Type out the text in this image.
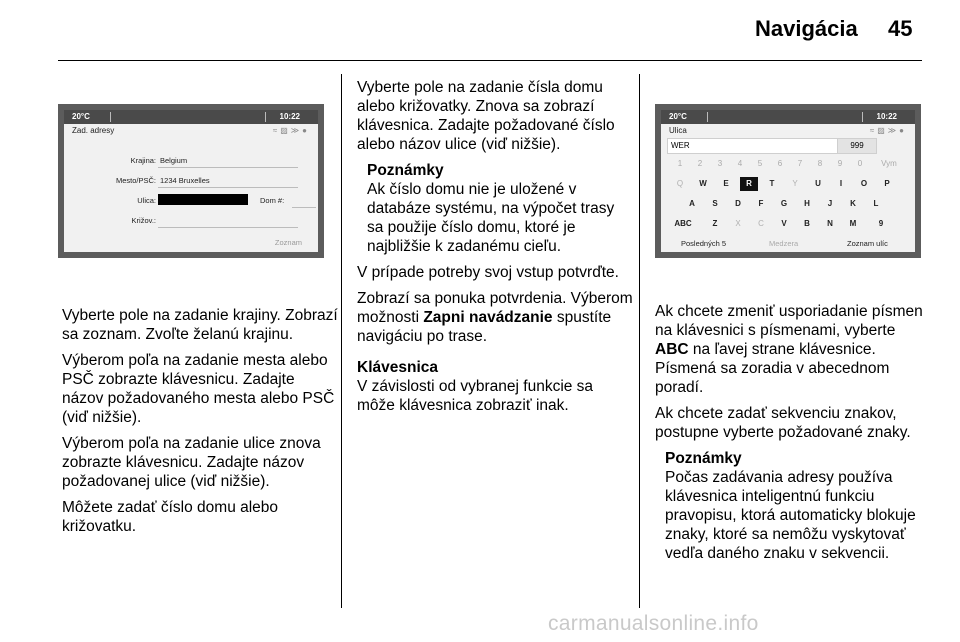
Navigácia 45
20°C	10:22
Zad. adresy	≈▨≫●
Krajina: Belgium
Mesto/PSČ: 1234 Bruxelles
Ulica:	Dom #:
Križov.:
Zoznam

Vyberte pole na zadanie krajiny. Zobrazí sa zoznam. Zvoľte želanú krajinu.

Výberom poľa na zadanie mesta alebo PSČ zobrazte klávesnicu. Zadajte názov požadovaného mesta alebo PSČ (viď nižšie).

Výberom poľa na zadanie ulice znova zobrazte klávesnicu. Zadajte názov požadovanej ulice (viď nižšie).

Môžete zadať číslo domu alebo križovatku.

Vyberte pole na zadanie čísla domu alebo križovatky. Znova sa zobrazí klávesnica. Zadajte požadované číslo alebo názov ulice (viď nižšie).

Poznámky
Ak číslo domu nie je uložené v databáze systému, na výpočet trasy sa použije číslo domu, ktoré je najbližšie k zadanému cieľu.

V prípade potreby svoj vstup potvrďte.

Zobrazí sa ponuka potvrdenia. Výberom možnosti Zapni navádzanie spustíte navigáciu po trase.

Klávesnica

V závislosti od vybranej funkcie sa môže klávesnica zobraziť inak.

20°C	10:22
Ulica	≈▨≫●
WER	999
1	2	3	4	5	6	7	8	9	0	Vym
Q	W	E	R	T	Y	U	I	O	P
A	S	D	F	G	H	J	K	L
ABC	Z	X	C	V	B	N	M	9
Posledných 5	Medzera	Zoznam ulíc

Ak chcete zmeniť usporiadanie písmen na klávesnici s písmenami, vyberte ABC na ľavej strane klávesnice. Písmená sa zoradia v abecednom poradí.

Ak chcete zadať sekvenciu znakov, postupne vyberte požadované znaky.

Poznámky
Počas zadávania adresy používa klávesnica inteligentnú funkciu pravopisu, ktorá automaticky blokuje znaky, ktoré sa nemôžu vyskytovať vedľa daného znaku v sekvencii.
carmanualsonline.info
